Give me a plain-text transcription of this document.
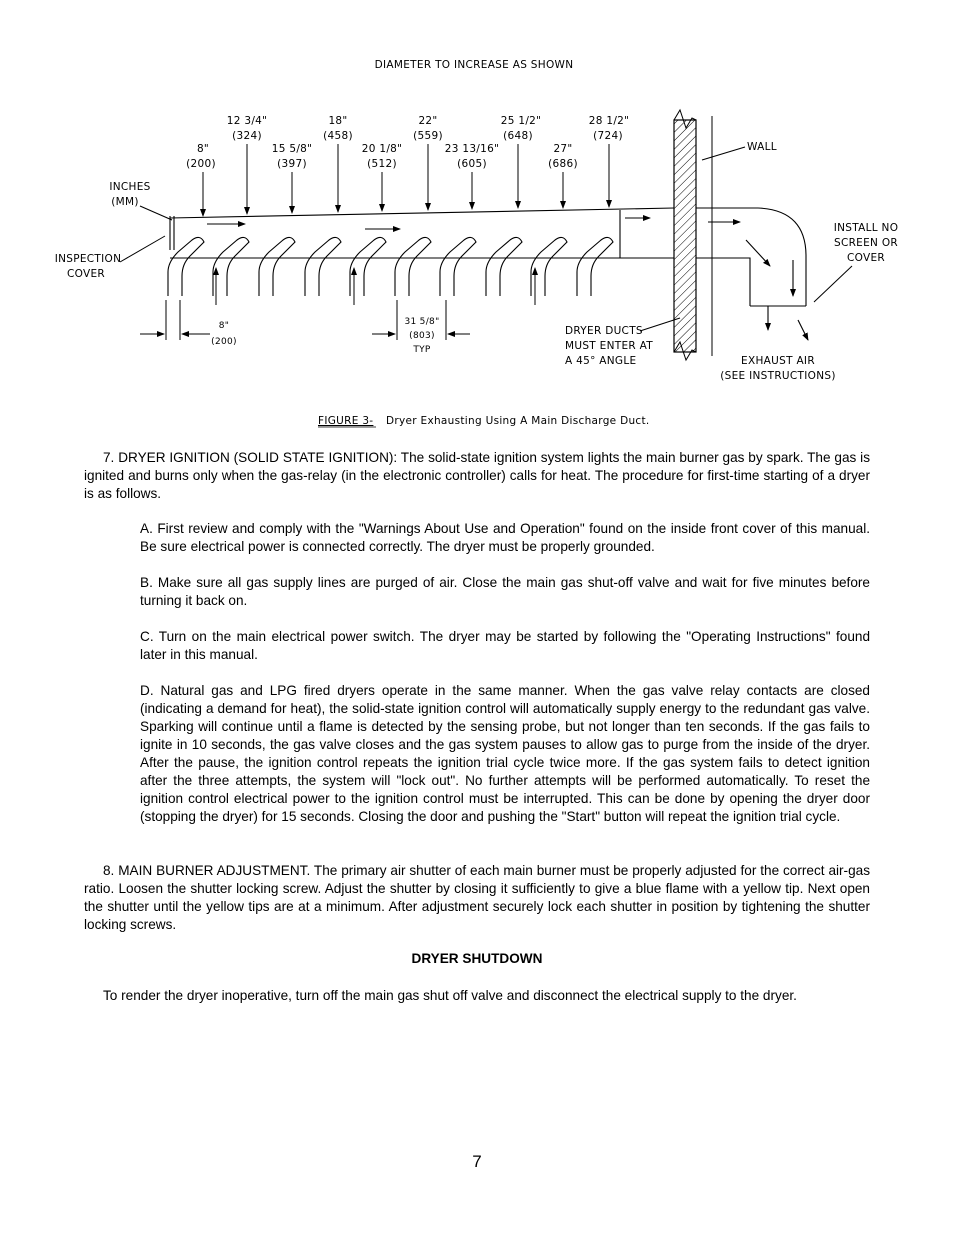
DIAMETER TO INCREASE AS SHOWN
8"
(200)
12 3/4"
(324)
15 5/8"
(397)
18"
(458)
20 1/8"
(512)
22"
(559)
23 13/16"
(605)
25 1/2"
(648)
27"
(686)
28 1/2"
(724)
INCHES
(MM)
INSPECTION
COVER
WALL
INSTALL NO
SCREEN OR
COVER
DRYER DUCTS
MUST ENTER AT
A 45° ANGLE	EXHAUST AIR
(SEE INSTRUCTIONS)
8"
(200)
31 5/8"
(803)
TYP
FIGURE 3- Dryer Exhausting Using A Main Discharge Duct.
7. DRYER IGNITION (SOLID STATE IGNITION): The solid-state ignition system lights the main burner gas by spark. The gas is ignited and burns only when the gas-relay (in the electronic controller) calls for heat. The procedure for first-time starting of a dryer is as follows.
A. First review and comply with the "Warnings About Use and Operation" found on the inside front cover of this manual. Be sure electrical power is connected correctly. The dryer must be properly grounded.
B. Make sure all gas supply lines are purged of air. Close the main gas shut-off valve and wait for five minutes before turning it back on.
C. Turn on the main electrical power switch. The dryer may be started by following the "Operating Instructions" found later in this manual.
D. Natural gas and LPG fired dryers operate in the same manner. When the gas valve relay contacts are closed (indicating a demand for heat), the solid-state ignition control will automatically supply energy to the redundant gas valve. Sparking will continue until a flame is detected by the sensing probe, but not longer than ten seconds. If the gas fails to ignite in 10 seconds, the gas valve closes and the gas system pauses to allow gas to purge from the inside of the dryer. After the pause, the ignition control repeats the ignition trial cycle twice more. If the gas system fails to detect ignition after the three attempts, the system will "lock out". No further attempts will be performed automatically. To reset the ignition control electrical power to the ignition control must be interrupted. This can be done by opening the dryer door (stopping the dryer) for 15 seconds. Closing the door and pushing the "Start" button will repeat the ignition trial cycle.
8. MAIN BURNER ADJUSTMENT. The primary air shutter of each main burner must be properly adjusted for the correct air-gas ratio. Loosen the shutter locking screw. Adjust the shutter by closing it sufficiently to give a blue flame with a yellow tip. Next open the shutter until the yellow tips are at a minimum. After adjustment securely lock each shutter in position by tightening the shutter locking screws.
DRYER SHUTDOWN
To render the dryer inoperative, turn off the main gas shut off valve and disconnect the electrical supply to the dryer.
7
